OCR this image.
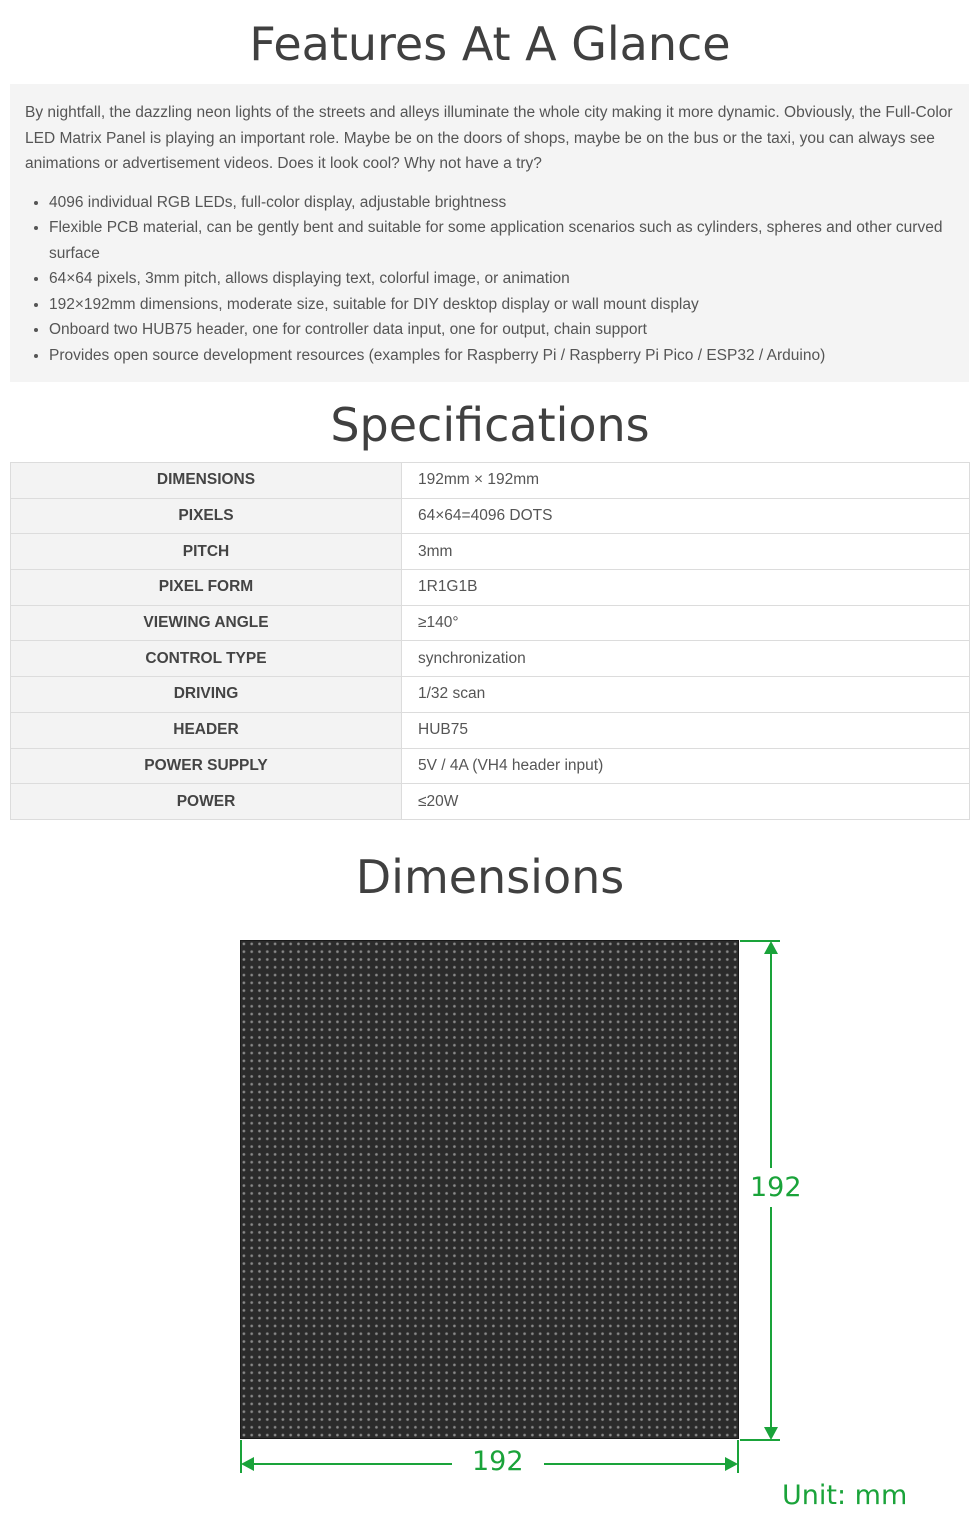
Features At A Glance

By nightfall, the dazzling neon lights of the streets and alleys illuminate the whole city making it more dynamic. Obviously, the Full-Color LED Matrix Panel is playing an important role. Maybe be on the doors of shops, maybe be on the bus or the taxi, you can always see animations or advertisement videos. Does it look cool? Why not have a try?

• 4096 individual RGB LEDs, full-color display, adjustable brightness
• Flexible PCB material, can be gently bent and suitable for some application scenarios such as cylinders, spheres and other curved surface
• 64×64 pixels, 3mm pitch, allows displaying text, colorful image, or animation
• 192×192mm dimensions, moderate size, suitable for DIY desktop display or wall mount display
• Onboard two HUB75 header, one for controller data input, one for output, chain support
• Provides open source development resources (examples for Raspberry Pi / Raspberry Pi Pico / ESP32 / Arduino)
Specifications
DIMENSIONS	192mm × 192mm
PIXELS	64×64=4096 DOTS
PITCH	3mm
PIXEL FORM	1R1G1B
VIEWING ANGLE	≥140°
CONTROL TYPE	synchronization
DRIVING	1/32 scan
HEADER	HUB75
POWER SUPPLY	5V / 4A (VH4 header input)
POWER	≤20W
Dimensions
192
192
Unit: mm
